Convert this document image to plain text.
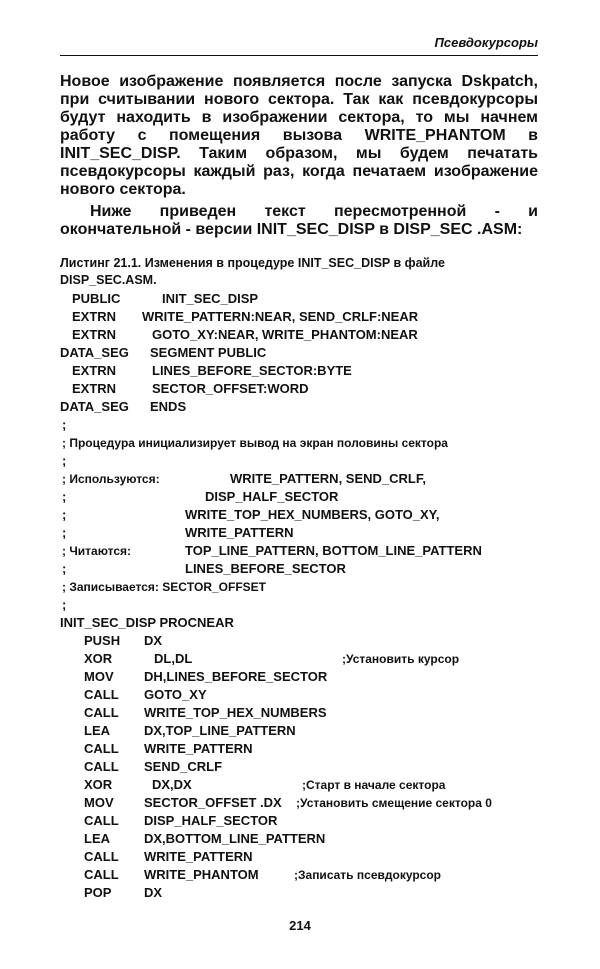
Псевдокурсоры
Новое изображение появляется после запуска Dskpatch, при считывании нового сектора. Так как псевдокурсоры будут находить в изображении сектора, то мы начнем работу с помещения вызова WRITE_PHANTOM в INIT_SEC_DISP. Таким образом, мы будем печатать псевдокурсоры каждый раз, когда печатаем изображение нового сектора.
Ниже приведен текст пересмотренной - и окончательной - версии INIT_SEC_DISP в DISP_SEC .ASM:
Листинг 21.1. Изменения в процедуре INIT_SEC_DISP в файле
DISP_SEC.ASM.
PUBLIC	INIT_SEC_DISP
EXTRN WRITE_PATTERN:NEAR, SEND_CRLF:NEAR
EXTRN	GOTO_XY:NEAR, WRITE_PHANTOM:NEAR
DATA_SEG SEGMENT PUBLIC
EXTRN	LINES_BEFORE_SECTOR:BYTE
EXTRN	SECTOR_OFFSET:WORD
DATA_SEG ENDS
;
; Процедура инициализирует вывод на экран половины сектора
;
; Используются:	WRITE_PATTERN, SEND_CRLF,
;	DISP_HALF_SECTOR
;	WRITE_TOP_HEX_NUMBERS, GOTO_XY,
;	WRITE_PATTERN
; Читаются:	TOP_LINE_PATTERN, BOTTOM_LINE_PATTERN
;	LINES_BEFORE_SECTOR
; Записывается: SECTOR_OFFSET
;
INIT_SEC_DISP PROCNEAR
PUSH DX
XOR	DL,DL	;Установить курсор
MOV DH,LINES_BEFORE_SECTOR
CALL GOTO_XY
CALL WRITE_TOP_HEX_NUMBERS
LEA	DX,TOP_LINE_PATTERN
CALL WRITE_PATTERN
CALL SEND_CRLF
XOR	DX,DX	;Старт в начале сектора
MOV SECTOR_OFFSET .DX ;Установить смещение сектора 0
CALL DISP_HALF_SECTOR
LEA	DX,BOTTOM_LINE_PATTERN
CALL WRITE_PATTERN
CALL WRITE_PHANTOM	;Записать псевдокурсор
POP	DX
214
